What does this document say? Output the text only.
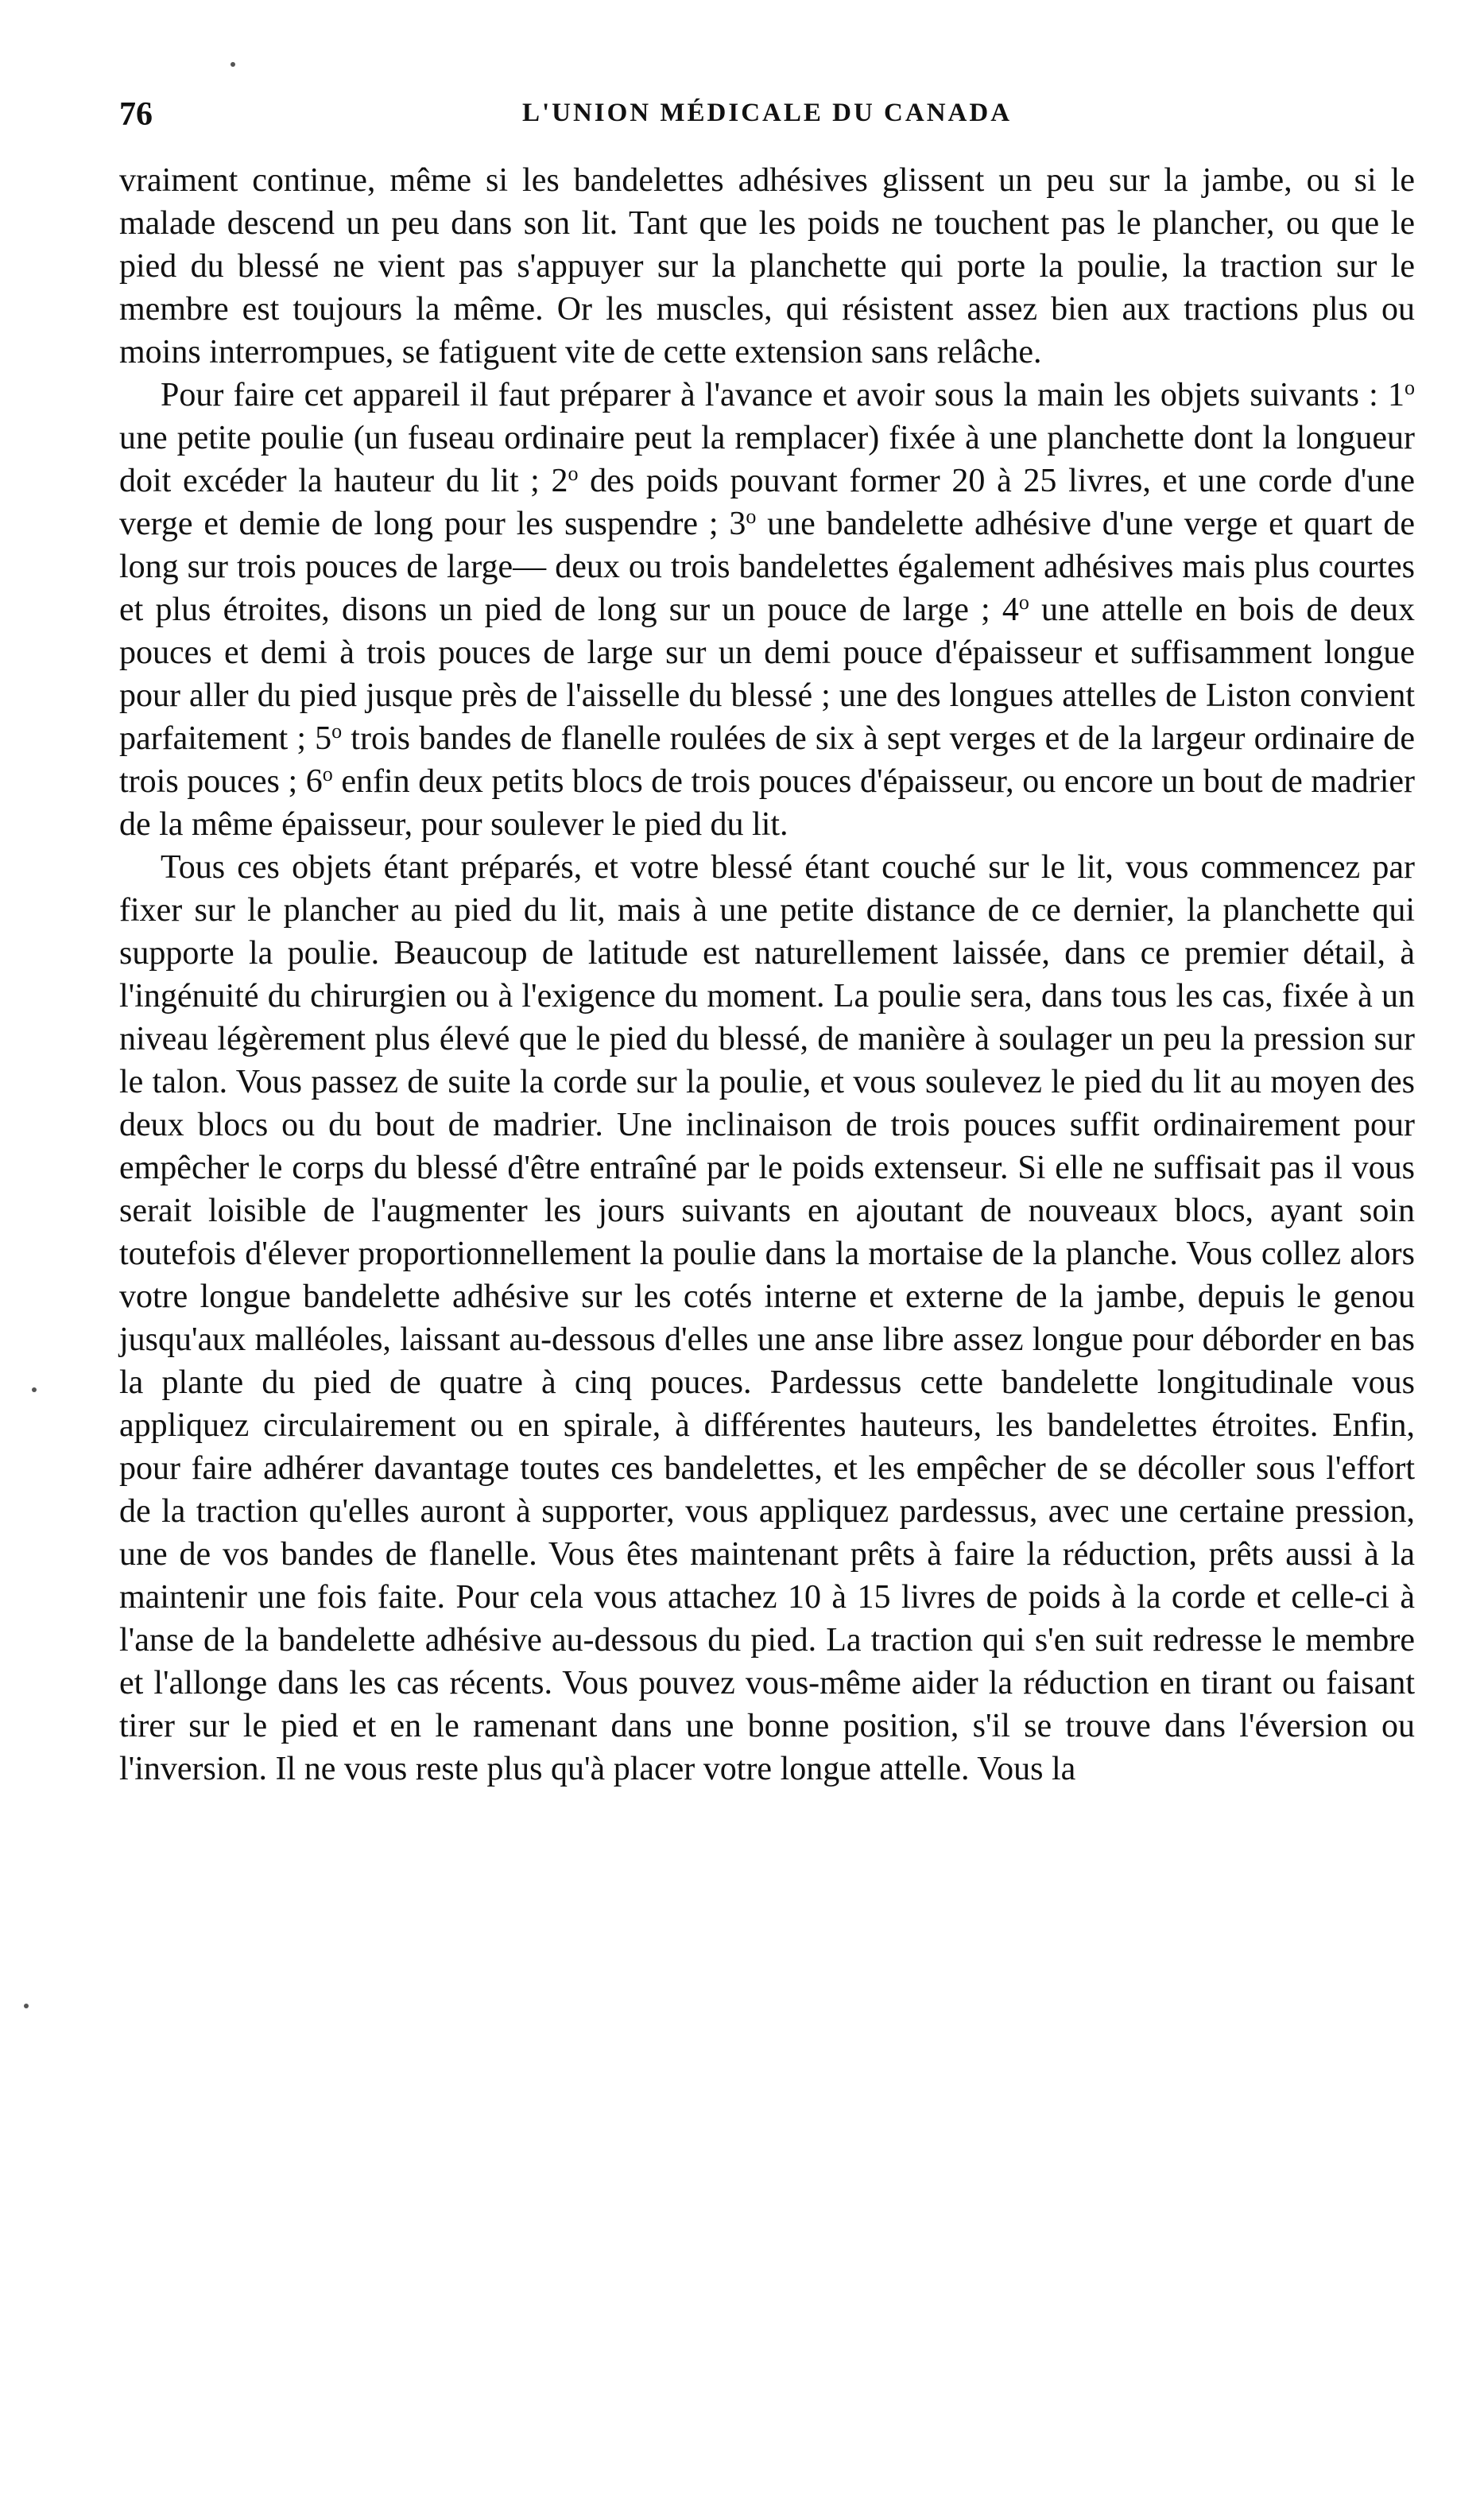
76	L'UNION MÉDICALE DU CANADA

vraiment continue, même si les bandelettes adhésives glissent un peu sur la jambe, ou si le malade descend un peu dans son lit. Tant que les poids ne touchent pas le plancher, ou que le pied du blessé ne vient pas s'appuyer sur la planchette qui porte la poulie, la traction sur le membre est toujours la même. Or les muscles, qui résistent assez bien aux tractions plus ou moins interrompues, se fatiguent vite de cette extension sans relâche.

Pour faire cet appareil il faut préparer à l'avance et avoir sous la main les objets suivants : 1$^o$ une petite poulie (un fuseau ordinaire peut la remplacer) fixée à une planchette dont la longueur doit excéder la hauteur du lit ; 2$^o$ des poids pouvant former 20 à 25 livres, et une corde d'une verge et demie de long pour les suspendre ; 3$^o$ une bandelette adhésive d'une verge et quart de long sur trois pouces de large— deux ou trois bandelettes également adhésives mais plus courtes et plus étroites, disons un pied de long sur un pouce de large ; 4$^o$ une attelle en bois de deux pouces et demi à trois pouces de large sur un demi pouce d'épaisseur et suffisamment longue pour aller du pied jusque près de l'aisselle du blessé ; une des longues attelles de Liston convient parfaitement ; 5$^o$ trois bandes de flanelle roulées de six à sept verges et de la largeur ordinaire de trois pouces ; 6$^o$ enfin deux petits blocs de trois pouces d'épaisseur, ou encore un bout de madrier de la même épaisseur, pour soulever le pied du lit.

Tous ces objets étant préparés, et votre blessé étant couché sur le lit, vous commencez par fixer sur le plancher au pied du lit, mais à une petite distance de ce dernier, la planchette qui supporte la poulie. Beaucoup de latitude est naturellement laissée, dans ce premier détail, à l'ingénuité du chirurgien ou à l'exigence du moment. La poulie sera, dans tous les cas, fixée à un niveau légèrement plus élevé que le pied du blessé, de manière à soulager un peu la pression sur le talon. Vous passez de suite la corde sur la poulie, et vous soulevez le pied du lit au moyen des deux blocs ou du bout de madrier. Une inclinaison de trois pouces suffit ordinairement pour empêcher le corps du blessé d'être entraîné par le poids extenseur. Si elle ne suffisait pas il vous serait loisible de l'augmenter les jours suivants en ajoutant de nouveaux blocs, ayant soin toutefois d'élever proportionnellement la poulie dans la mortaise de la planche. Vous collez alors votre longue bandelette adhésive sur les cotés interne et externe de la jambe, depuis le genou jusqu'aux malléoles, laissant au-dessous d'elles une anse libre assez longue pour déborder en bas la plante du pied de quatre à cinq pouces. Pardessus cette bandelette longitudinale vous appliquez circulairement ou en spirale, à différentes hauteurs, les bandelettes étroites. Enfin, pour faire adhérer davantage toutes ces bandelettes, et les empêcher de se décoller sous l'effort de la traction qu'elles auront à supporter, vous appliquez pardessus, avec une certaine pression, une de vos bandes de flanelle. Vous êtes maintenant prêts à faire la réduction, prêts aussi à la maintenir une fois faite. Pour cela vous attachez 10 à 15 livres de poids à la corde et celle-ci à l'anse de la bandelette adhésive au-dessous du pied. La traction qui s'en suit redresse le membre et l'allonge dans les cas récents. Vous pouvez vous-même aider la réduction en tirant ou faisant tirer sur le pied et en le ramenant dans une bonne position, s'il se trouve dans l'éversion ou l'inversion. Il ne vous reste plus qu'à placer votre longue attelle. Vous la
